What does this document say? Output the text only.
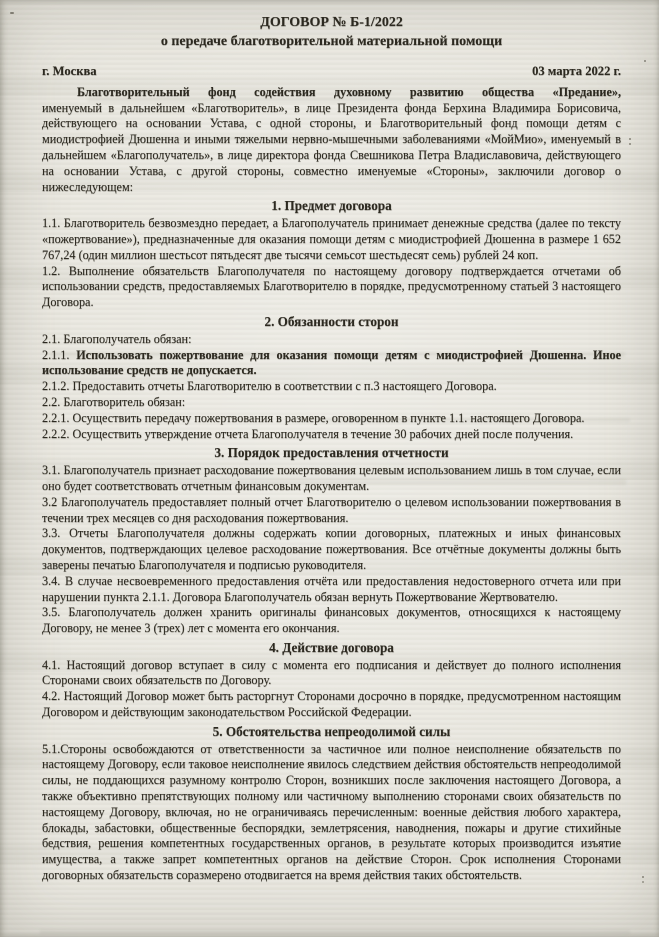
ДОГОВОР № Б-1/2022
о передаче благотворительной материальной помощи
г. Москва	03 марта 2022 г.

Благотворительный фонд содействия духовному развитию общества «Предание»,
именуемый в дальнейшем «Благотворитель», в лице Президента фонда Берхина Владимира Борисовича, действующего на основании Устава, с одной стороны, и Благотворительный фонд помощи детям с миодистрофией Дюшенна и иными тяжелыми нервно-мышечными заболеваниями «МойМио», именуемый в дальнейшем «Благополучатель», в лице директора фонда Свешникова Петра Владиславовича, действующего на основании Устава, с другой стороны, совместно именуемые «Стороны», заключили договор о нижеследующем:

1. Предмет договора

1.1. Благотворитель безвозмездно передает, а Благополучатель принимает денежные средства (далее по тексту «пожертвование»), предназначенные для оказания помощи детям с миодистрофией Дюшенна в размере 1 652 767,24 (один миллион шестьсот пятьдесят две тысячи семьсот шестьдесят семь) рублей 24 коп.

1.2. Выполнение обязательств Благополучателя по настоящему договору подтверждается отчетами об использовании средств, предоставляемых Благотворителю в порядке, предусмотренному статьей 3 настоящего Договора.

2. Обязанности сторон

2.1. Благополучатель обязан:

2.1.1. Использовать пожертвование для оказания помощи детям с миодистрофией Дюшенна. Иное использование средств не допускается.

2.1.2. Предоставить отчеты Благотворителю в соответствии с п.3 настоящего Договора.

2.2. Благотворитель обязан:

2.2.1. Осуществить передачу пожертвования в размере, оговоренном в пункте 1.1. настоящего Договора.

2.2.2. Осуществить утверждение отчета Благополучателя в течение 30 рабочих дней после получения.

3. Порядок предоставления отчетности

3.1. Благополучатель признает расходование пожертвования целевым использованием лишь в том случае, если оно будет соответствовать отчетным финансовым документам.

3.2 Благополучатель предоставляет полный отчет Благотворителю о целевом использовании пожертвования в течении трех месяцев со дня расходования пожертвования.

3.3. Отчеты Благополучателя должны содержать копии договорных, платежных и иных финансовых документов, подтверждающих целевое расходование пожертвования. Все отчётные документы должны быть заверены печатью Благополучателя и подписью руководителя.

3.4. В случае несвоевременного предоставления отчёта или предоставления недостоверного отчета или при нарушении пункта 2.1.1. Договора Благополучатель обязан вернуть Пожертвование Жертвователю.

3.5. Благополучатель должен хранить оригиналы финансовых документов, относящихся к настоящему Договору, не менее 3 (трех) лет с момента его окончания.

4. Действие договора

4.1. Настоящий договор вступает в силу с момента его подписания и действует до полного исполнения Сторонами своих обязательств по Договору.

4.2. Настоящий Договор может быть расторгнут Сторонами досрочно в порядке, предусмотренном настоящим Договором и действующим законодательством Российской Федерации.

5. Обстоятельства непреодолимой силы

5.1.Стороны освобождаются от ответственности за частичное или полное неисполнение обязательств по настоящему Договору, если таковое неисполнение явилось следствием действия обстоятельств непреодолимой силы, не поддающихся разумному контролю Сторон, возникших после заключения настоящего Договора, а также объективно препятствующих полному или частичному выполнению сторонами своих обязательств по настоящему Договору, включая, но не ограничиваясь перечисленным: военные действия любого характера, блокады, забастовки, общественные беспорядки, землетрясения, наводнения, пожары и другие стихийные бедствия, решения компетентных государственных органов, в результате которых производится изъятие имущества, а также запрет компетентных органов на действие Сторон. Срок исполнения Сторонами договорных обязательств соразмерено отодвигается на время действия таких обстоятельств.
